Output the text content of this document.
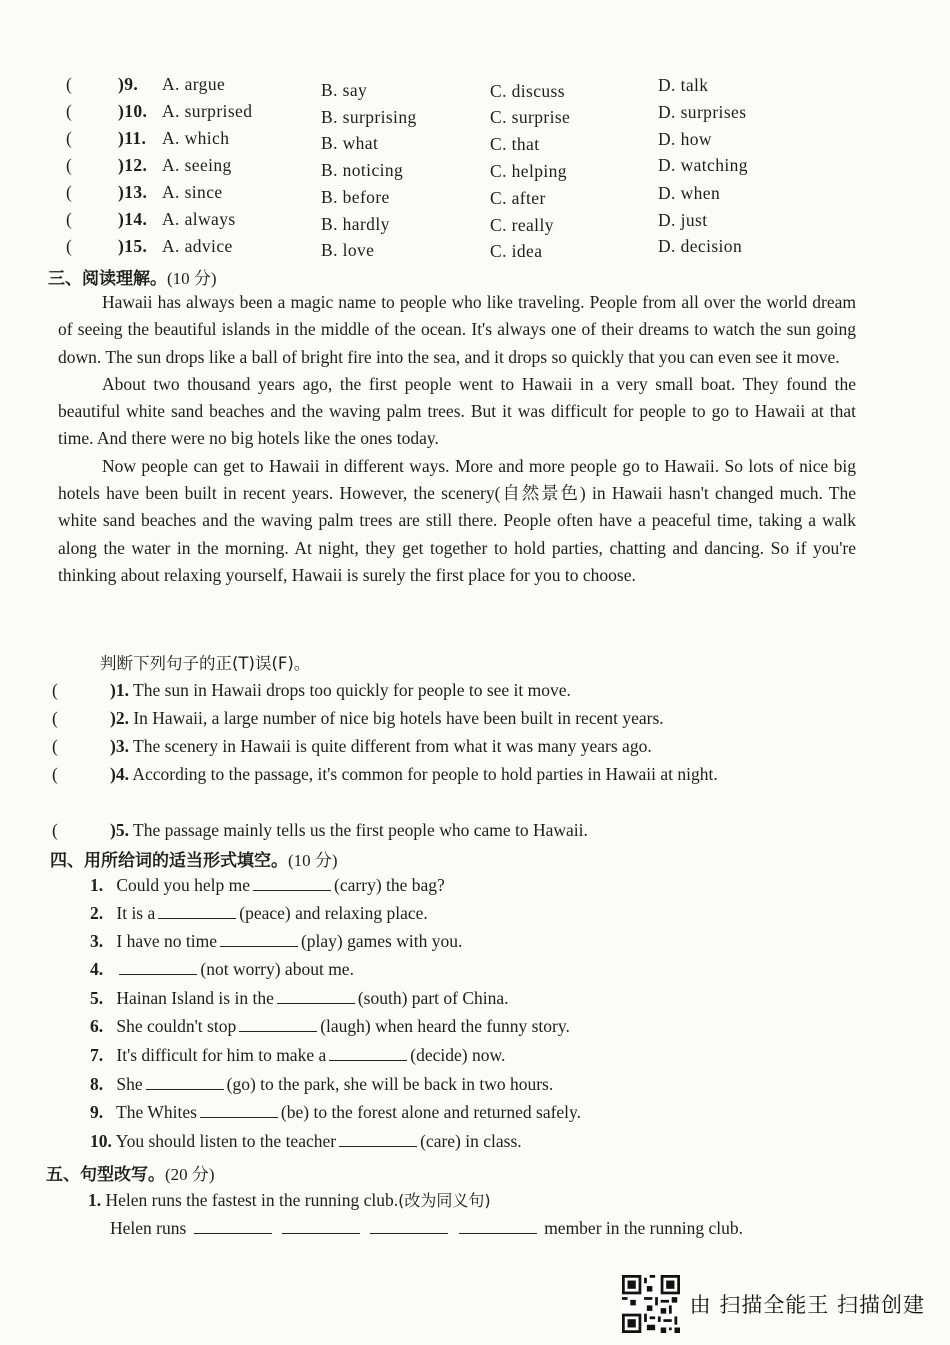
(	)9. A. argue	B. say	C. discuss	D. talk
(	)10. A. surprised	B. surprising	C. surprise	D. surprises
(	)11. A. which	B. what	C. that	D. how
(	)12. A. seeing	B. noticing	C. helping	D. watching
(	)13. A. since	B. before	C. after	D. when
(	)14. A. always	B. hardly	C. really	D. just
(	)15. A. advice	B. love	C. idea	D. decision
三、阅读理解。(10 分)

Hawaii has always been a magic name to people who like traveling. People from all over the world dream of seeing the beautiful islands in the middle of the ocean. It's always one of their dreams to watch the sun going down. The sun drops like a ball of bright fire into the sea, and it drops so quickly that you can even see it move.

About two thousand years ago, the first people went to Hawaii in a very small boat. They found the beautiful white sand beaches and the waving palm trees. But it was difficult for people to go to Hawaii at that time. And there were no big hotels like the ones today.

Now people can get to Hawaii in different ways. More and more people go to Hawaii. So lots of nice big hotels have been built in recent years. However, the scenery(自然景色) in Hawaii hasn't changed much. The white sand beaches and the waving palm trees are still there. People often have a peaceful time, taking a walk along the water in the morning. At night, they get together to hold parties, chatting and dancing. So if you're thinking about relaxing yourself, Hawaii is surely the first place for you to choose.

判断下列句子的正(T)误(F)。
(	)1. The sun in Hawaii drops too quickly for people to see it move.
(	)2. In Hawaii, a large number of nice big hotels have been built in recent years.
(	)3. The scenery in Hawaii is quite different from what it was many years ago.
(	)4. According to the passage, it's common for people to hold parties in Hawaii at night.
(	)5. The passage mainly tells us the first people who came to Hawaii.
四、用所给词的适当形式填空。(10 分)
1. Could you help me	(carry) the bag?
2. It is a	(peace) and relaxing place.
3. I have no time	(play) games with you.
4.	(not worry) about me.
5. Hainan Island is in the	(south) part of China.
6. She couldn't stop	(laugh) when heard the funny story.
7. It's difficult for him to make a	(decide) now.
8. She	(go) to the park, she will be back in two hours.
9. The Whites	(be) to the forest alone and returned safely.
10. You should listen to the teacher	(care) in class.
五、句型改写。(20 分)
1. Helen runs the fastest in the running club.(改为同义句)
Helen runs	member in the running club.
由 扫描全能王 扫描创建
